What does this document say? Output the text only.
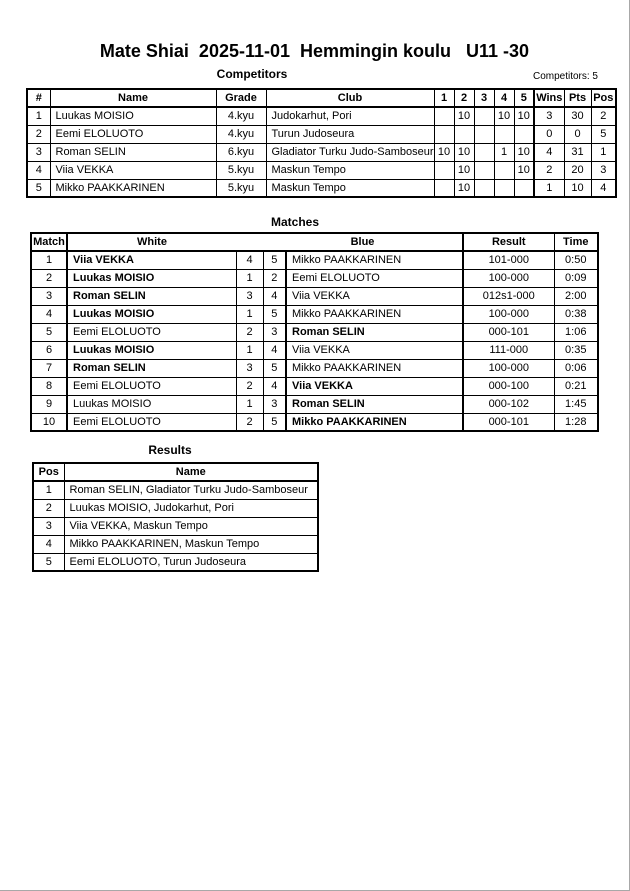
Mate Shiai  2025-11-01  Hemmingin koulu   U11 -30
Competitors	Competitors: 5
#	Name	Grade	Club	1	2	3	4	5	Wins	Pts	Pos
1	Luukas MOISIO	4.kyu	Judokarhut, Pori		10		10	10	3	30	2
2	Eemi ELOLUOTO	4.kyu	Turun Judoseura						0	0	5
3	Roman SELIN	6.kyu	Gladiator Turku Judo-Samboseur	10	10		1	10	4	31	1
4	Viia VEKKA	5.kyu	Maskun Tempo		10			10	2	20	3
5	Mikko PAAKKARINEN	5.kyu	Maskun Tempo		10				1	10	4
Matches
Match	White		Blue		Result	Time
1	Viia VEKKA	4	5	Mikko PAAKKARINEN	101-000	0:50
2	Luukas MOISIO	1	2	Eemi ELOLUOTO	100-000	0:09
3	Roman SELIN	3	4	Viia VEKKA	012s1-000	2:00
4	Luukas MOISIO	1	5	Mikko PAAKKARINEN	100-000	0:38
5	Eemi ELOLUOTO	2	3	Roman SELIN	000-101	1:06
6	Luukas MOISIO	1	4	Viia VEKKA	111-000	0:35
7	Roman SELIN	3	5	Mikko PAAKKARINEN	100-000	0:06
8	Eemi ELOLUOTO	2	4	Viia VEKKA	000-100	0:21
9	Luukas MOISIO	1	3	Roman SELIN	000-102	1:45
10	Eemi ELOLUOTO	2	5	Mikko PAAKKARINEN	000-101	1:28
Results
Pos	Name
1	Roman SELIN, Gladiator Turku Judo-Samboseur
2	Luukas MOISIO, Judokarhut, Pori
3	Viia VEKKA, Maskun Tempo
4	Mikko PAAKKARINEN, Maskun Tempo
5	Eemi ELOLUOTO, Turun Judoseura
